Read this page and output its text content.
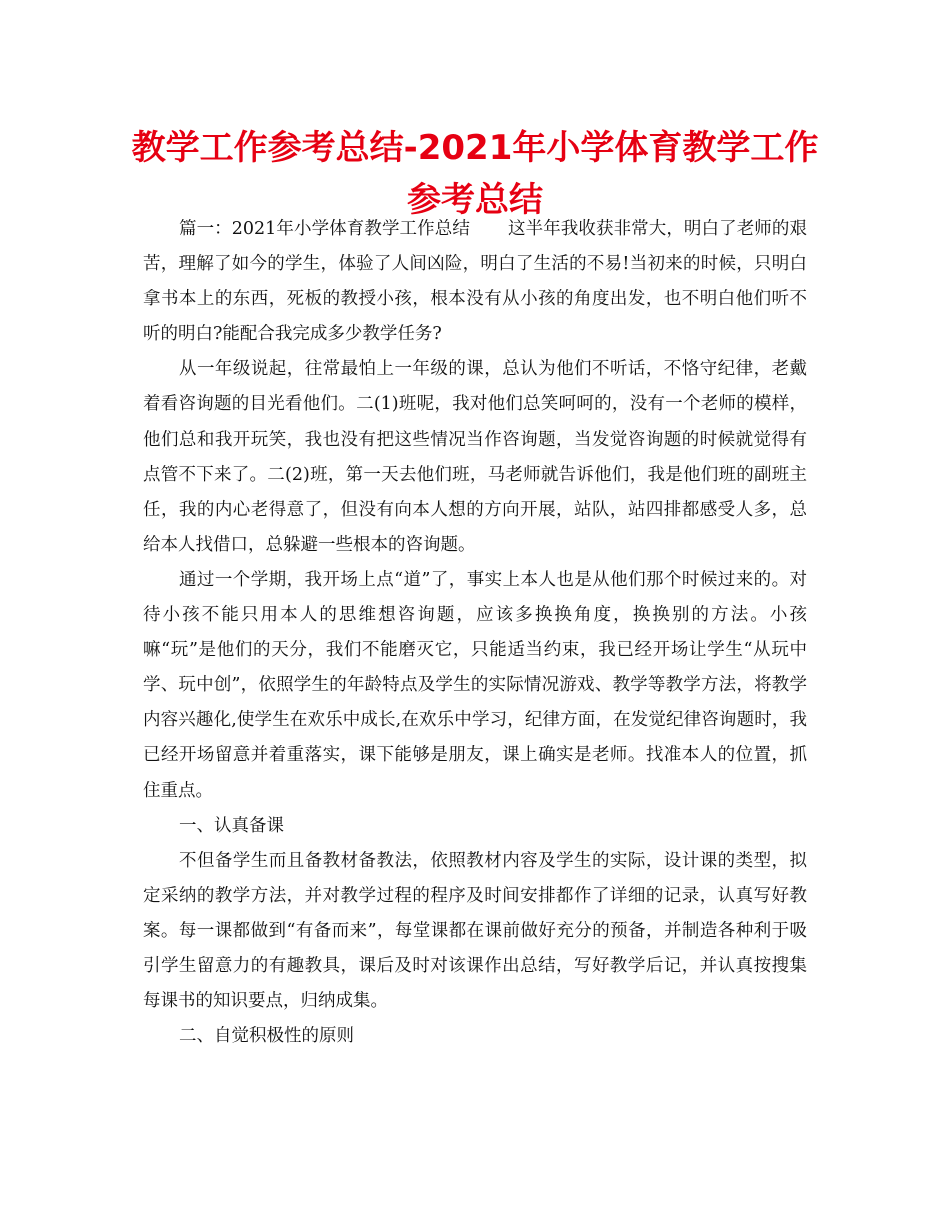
教学工作参考总结-2021年小学体育教学工作参考总结

篇一：2021年小学体育教学工作总结 这半年我收获非常大，明白了老师的艰苦，理解了如今的学生，体验了人间凶险，明白了生活的不易!当初来的时候，只明白拿书本上的东西，死板的教授小孩，根本没有从小孩的角度出发，也不明白他们听不听的明白?能配合我完成多少教学任务?

从一年级说起，往常最怕上一年级的课，总认为他们不听话，不恪守纪律，老戴着看咨询题的目光看他们。二(1)班呢，我对他们总笑呵呵的，没有一个老师的模样，他们总和我开玩笑，我也没有把这些情况当作咨询题，当发觉咨询题的时候就觉得有点管不下来了。二(2)班，第一天去他们班，马老师就告诉他们，我是他们班的副班主任，我的内心老得意了，但没有向本人想的方向开展，站队，站四排都感受人多，总给本人找借口，总躲避一些根本的咨询题。

通过一个学期，我开场上点“道”了，事实上本人也是从他们那个时候过来的。对待小孩不能只用本人的思维想咨询题，应该多换换角度，换换别的方法。小孩嘛“玩”是他们的天分，我们不能磨灭它，只能适当约束，我已经开场让学生“从玩中学、玩中创”，依照学生的年龄特点及学生的实际情况游戏、教学等教学方法，将教学内容兴趣化,使学生在欢乐中成长,在欢乐中学习，纪律方面，在发觉纪律咨询题时，我已经开场留意并着重落实，课下能够是朋友，课上确实是老师。找准本人的位置，抓住重点。

一、认真备课

不但备学生而且备教材备教法，依照教材内容及学生的实际，设计课的类型，拟定采纳的教学方法，并对教学过程的程序及时间安排都作了详细的记录，认真写好教案。每一课都做到“有备而来”，每堂课都在课前做好充分的预备，并制造各种利于吸引学生留意力的有趣教具，课后及时对该课作出总结，写好教学后记，并认真按搜集每课书的知识要点，归纳成集。

二、自觉积极性的原则
